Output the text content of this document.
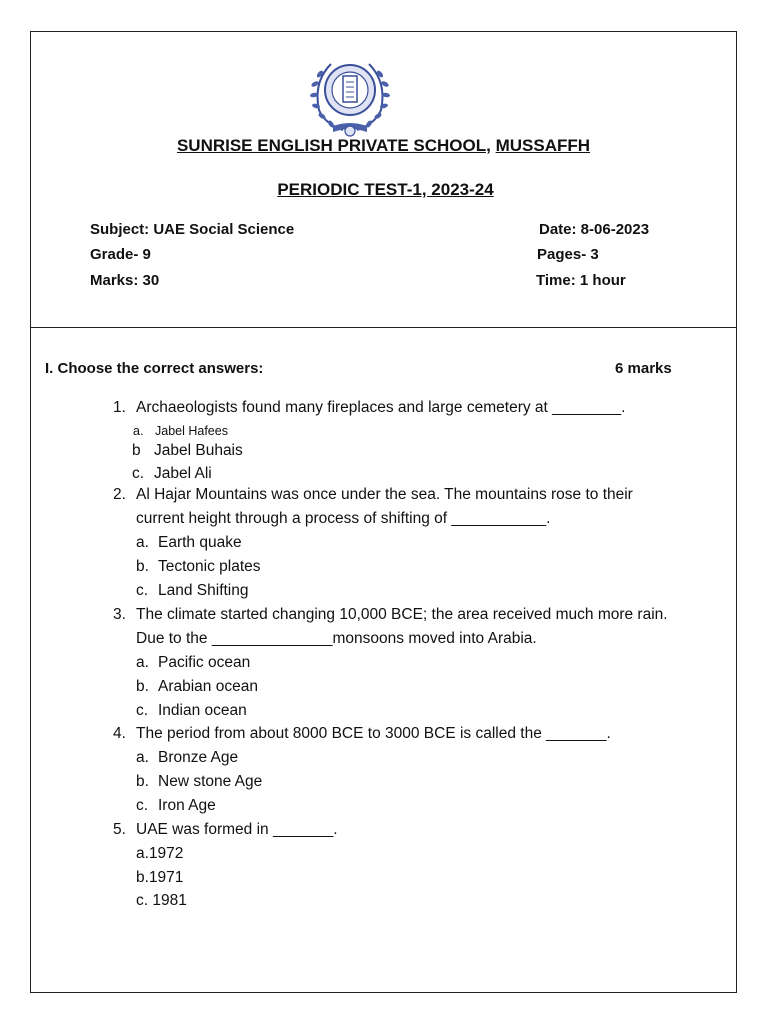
SUNRISE ENGLISH PRIVATE SCHOOL, MUSSAFFH
PERIODIC TEST-1, 2023-24
Subject: UAE Social Science
Grade- 9
Marks: 30
Date: 8-06-2023
Pages- 3
Time: 1 hour
I. Choose the correct answers:	6 marks
1. Archaeologists found many fireplaces and large cemetery at ________.
a. Jabel Hafees
b Jabel Buhais
c. Jabel Ali
2. Al Hajar Mountains was once under the sea. The mountains rose to their current height through a process of shifting of ___________.
a. Earth quake
b. Tectonic plates
c. Land Shifting
3. The climate started changing 10,000 BCE; the area received much more rain. Due to the ______________monsoons moved into Arabia.
a. Pacific ocean
b. Arabian ocean
c. Indian ocean
4. The period from about 8000 BCE to 3000 BCE is called the _______.
a. Bronze Age
b. New stone Age
c. Iron Age
5. UAE was formed in _______.
a.1972
b.1971
c. 1981
